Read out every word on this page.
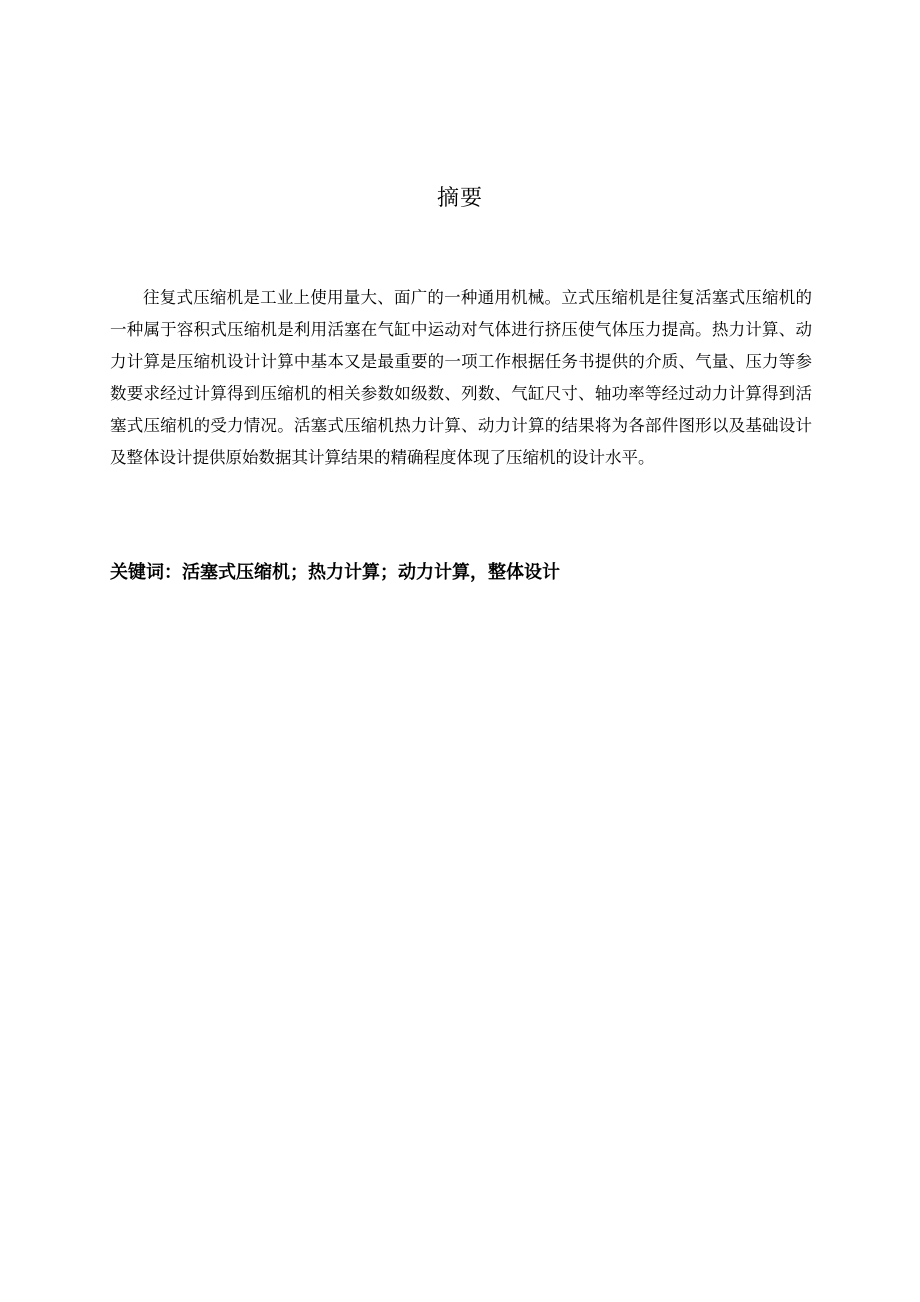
摘要

往复式压缩机是工业上使用量大、面广的一种通用机械。立式压缩机是往复活塞式压缩机的一种属于容积式压缩机是利用活塞在气缸中运动对气体进行挤压使气体压力提高。热力计算、动力计算是压缩机设计计算中基本又是最重要的一项工作根据任务书提供的介质、气量、压力等参数要求经过计算得到压缩机的相关参数如级数、列数、气缸尺寸、轴功率等经过动力计算得到活塞式压缩机的受力情况。活塞式压缩机热力计算、动力计算的结果将为各部件图形以及基础设计及整体设计提供原始数据其计算结果的精确程度体现了压缩机的设计水平。

关键词：活塞式压缩机；热力计算；动力计算，整体设计
